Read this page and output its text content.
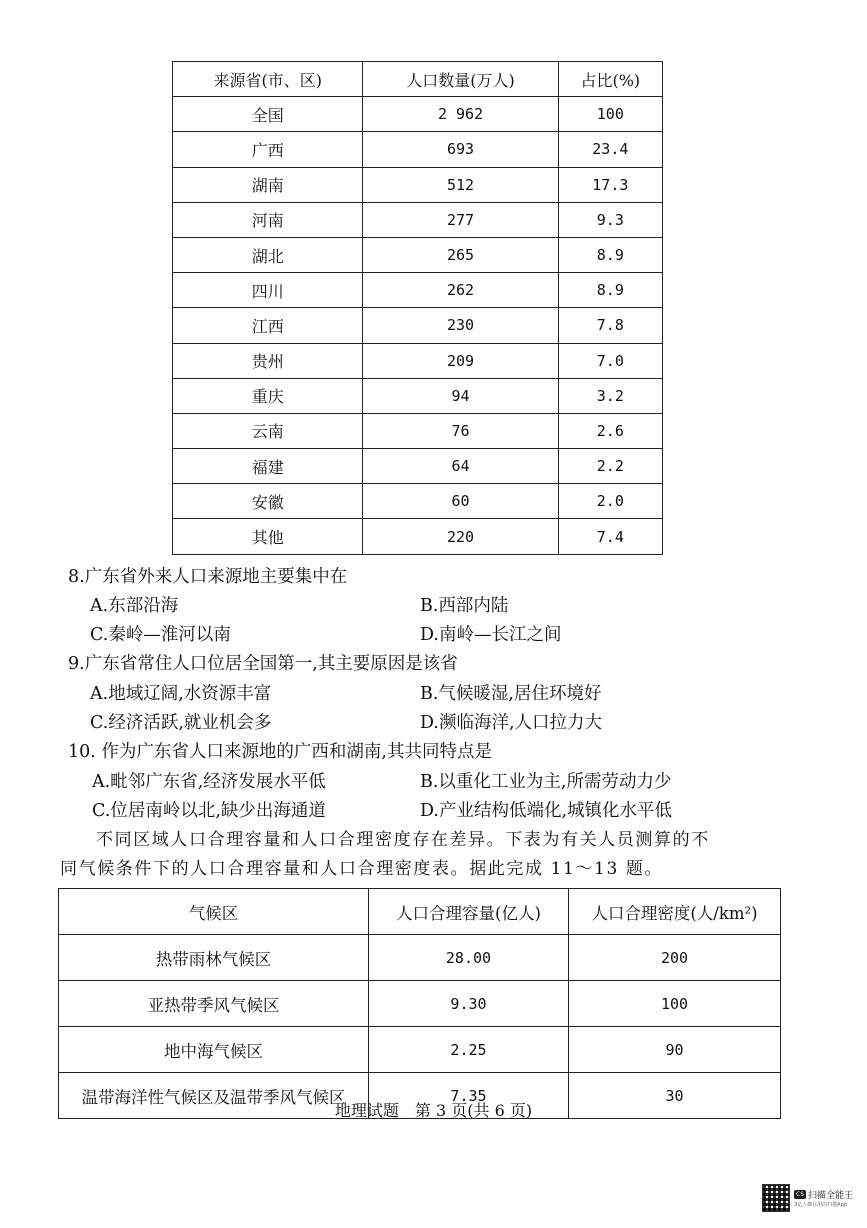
来源省(市、区)	人口数量(万人)	占比(%)
全国	2 962	100
广西	693	23.4
湖南	512	17.3
河南	277	9.3
湖北	265	8.9
四川	262	8.9
江西	230	7.8
贵州	209	7.0
重庆	94	3.2
云南	76	2.6
福建	64	2.2
安徽	60	2.0
其他	220	7.4
8.广东省外来人口来源地主要集中在
A.东部沿海	B.西部内陆
C.秦岭—淮河以南	D.南岭—长江之间
9.广东省常住人口位居全国第一,其主要原因是该省
A.地域辽阔,水资源丰富	B.气候暖湿,居住环境好
C.经济活跃,就业机会多	D.濒临海洋,人口拉力大
10. 作为广东省人口来源地的广西和湖南,其共同特点是
A.毗邻广东省,经济发展水平低	B.以重化工业为主,所需劳动力少
C.位居南岭以北,缺少出海通道	D.产业结构低端化,城镇化水平低
不同区域人口合理容量和人口合理密度存在差异。下表为有关人员测算的不
同气候条件下的人口合理容量和人口合理密度表。据此完成 11～13 题。
气候区	人口合理容量(亿人)	人口合理密度(人/km²)
热带雨林气候区	28.00	200
亚热带季风气候区	9.30	100
地中海气候区	2.25	90
温带海洋性气候区及温带季风气候区	7.35	30
地理试题　第 3 页(共 6 页)
CS 扫描全能王
3亿人都在用的扫描App
